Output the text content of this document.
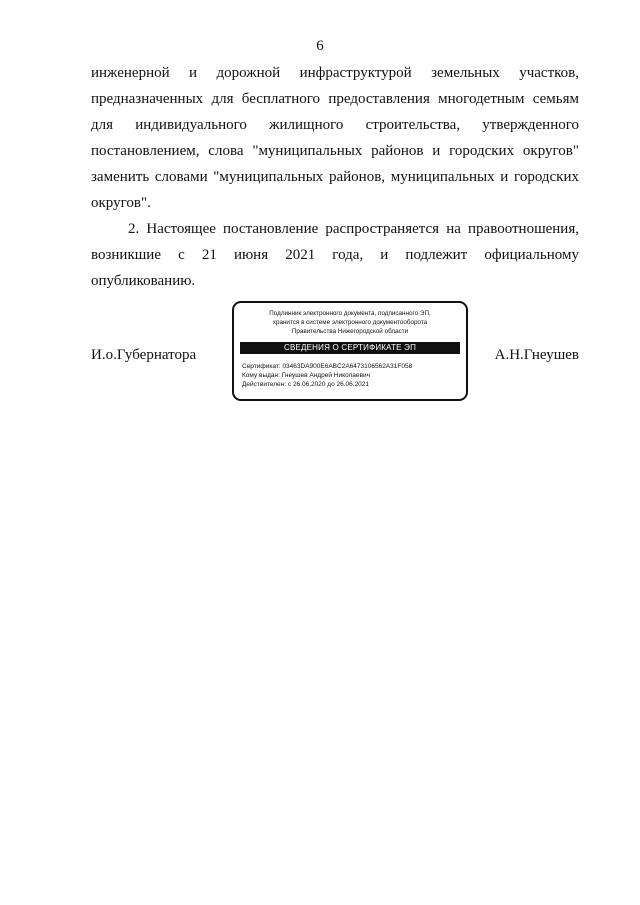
6

инженерной и дорожной инфраструктурой земельных участков, предназначенных для бесплатного предоставления многодетным семьям для индивидуального жилищного строительства, утвержденного постановлением, слова "муниципальных районов и городских округов" заменить словами "муниципальных районов, муниципальных и городских округов".

2. Настоящее постановление распространяется на правоотношения, возникшие с 21 июня 2021 года, и подлежит официальному опубликованию.

И.о.Губернатора
Подлинник электронного документа, подписанного ЭП,
хранится в системе электронного документооборота
Правительства Нижегородской области
СВЕДЕНИЯ О СЕРТИФИКАТЕ ЭП
Сертификат: 03463DA900E6ABC2A6473106562A31F058
Кому выдан: Гнеушев Андрей Николаевич
Действителен: с 26.06.2020 до 26.06.2021
А.Н.Гнеушев
